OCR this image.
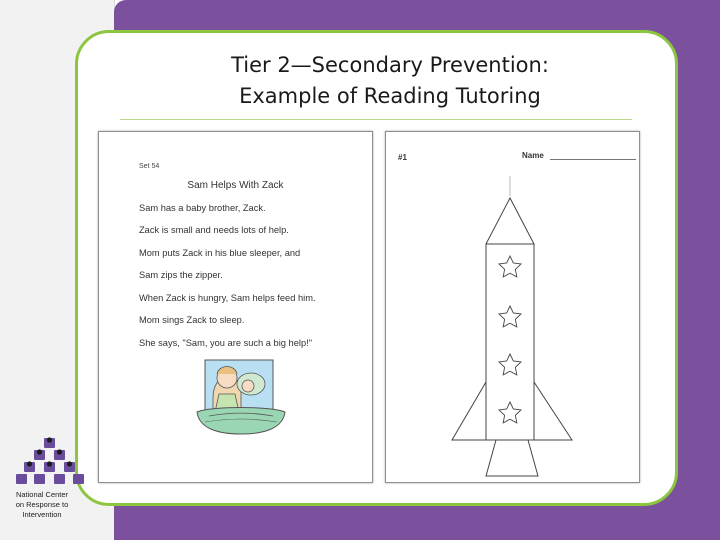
Tier 2—Secondary Prevention:
Example of Reading Tutoring
Set 54
Sam Helps With Zack
Sam has a baby brother, Zack.
Zack is small and needs lots of help.
Mom puts Zack in his blue sleeper, and
Sam zips the zipper.
When Zack is hungry, Sam helps feed him.
Mom sings Zack to sleep.
She says, "Sam, you are such a big help!"
#1	Name
National Center
on Response to
Intervention
